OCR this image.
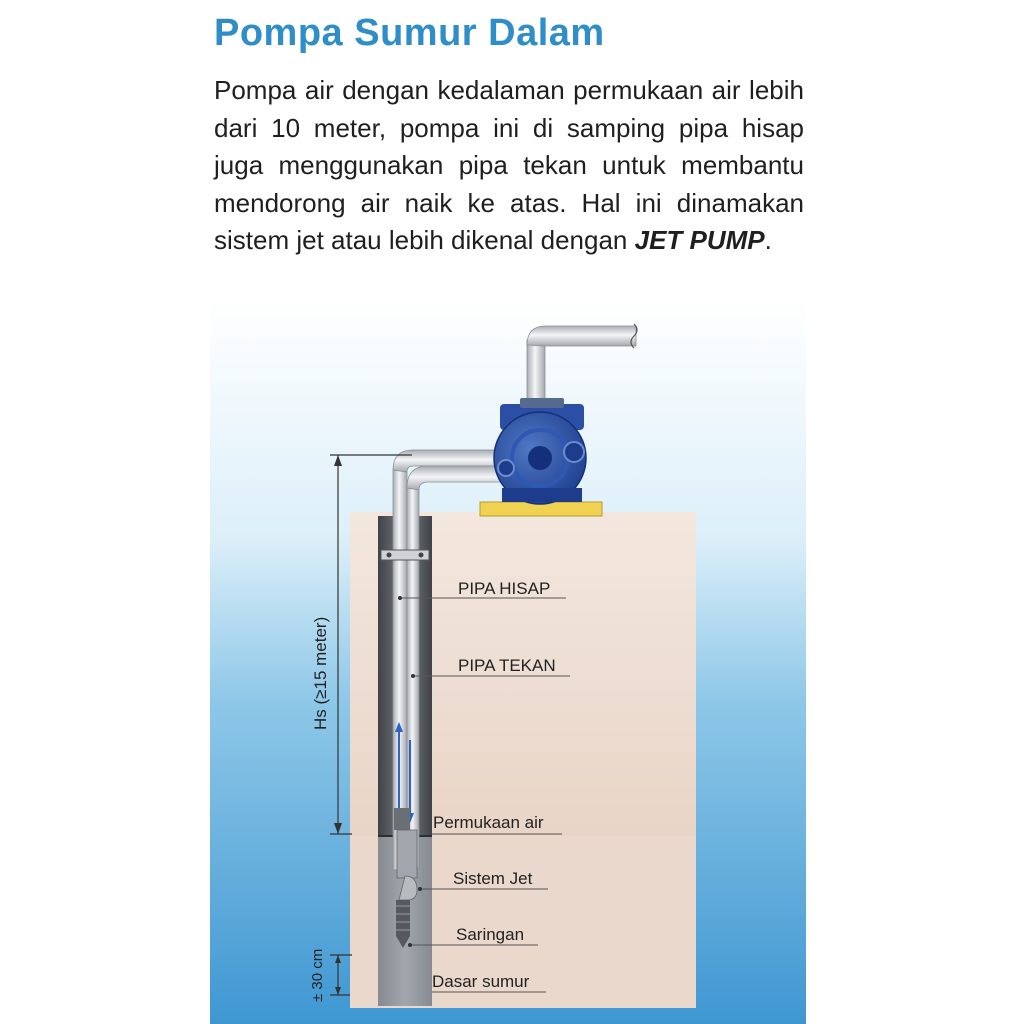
Pompa Sumur Dalam

Pompa air dengan kedalaman permukaan air lebih dari 10 meter, pompa ini di samping pipa hisap juga menggunakan pipa tekan untuk membantu mendorong air naik ke atas. Hal ini dinamakan sistem jet atau lebih dikenal dengan JET PUMP.

PIPA HISAP
PIPA TEKAN
Permukaan air
Sistem Jet
Saringan
Dasar sumur
Hs (≥15 meter)
± 30 cm
